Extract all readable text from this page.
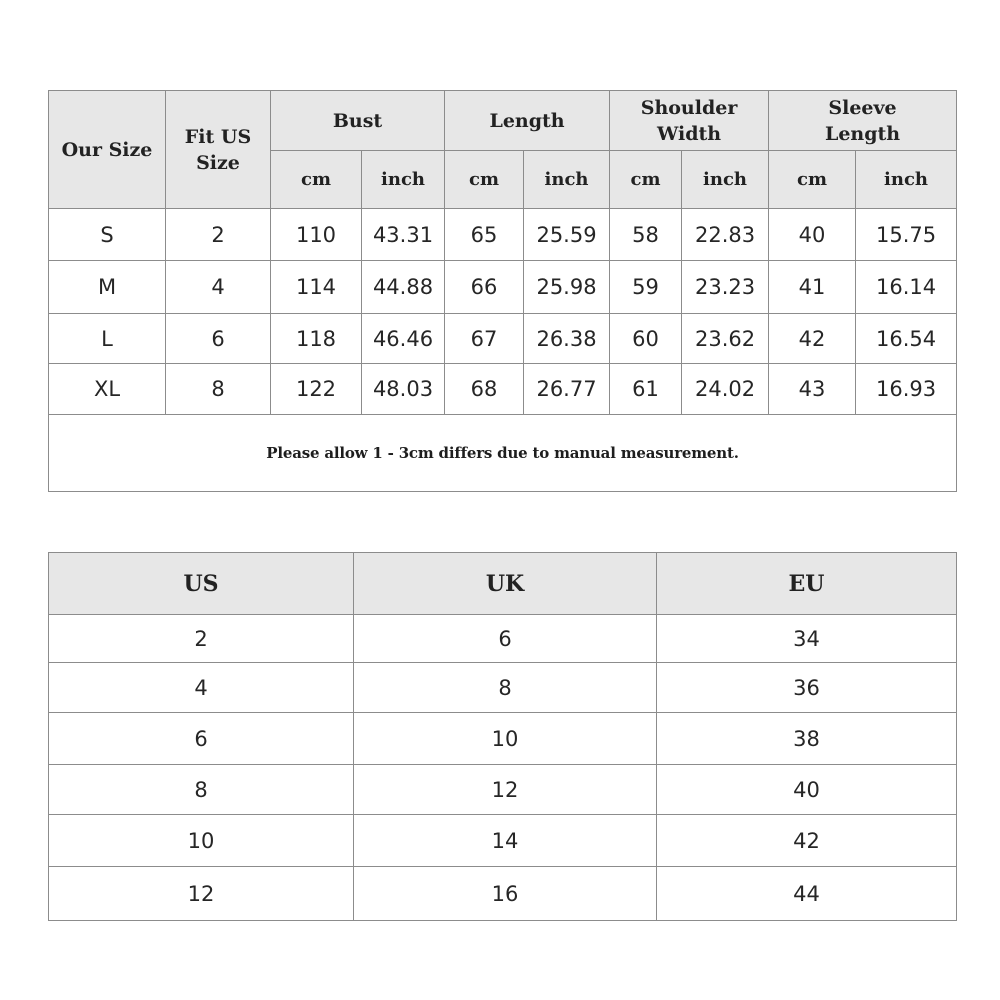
Our Size	Fit US Size	Bust		Length		Shoulder Width		Sleeve Length	

		cm	inch	cm	inch	cm	inch	cm	inch
S	2	110	43.31	65	25.59	58	22.83	40	15.75
M	4	114	44.88	66	25.98	59	23.23	41	16.14
L	6	118	46.46	67	26.38	60	23.62	42	16.54
XL	8	122	48.03	68	26.77	61	24.02	43	16.93
Please allow 1 - 3cm differs due to manual measurement.									
US	UK	EU
2	6	34
4	8	36
6	10	38
8	12	40
10	14	42
12	16	44
